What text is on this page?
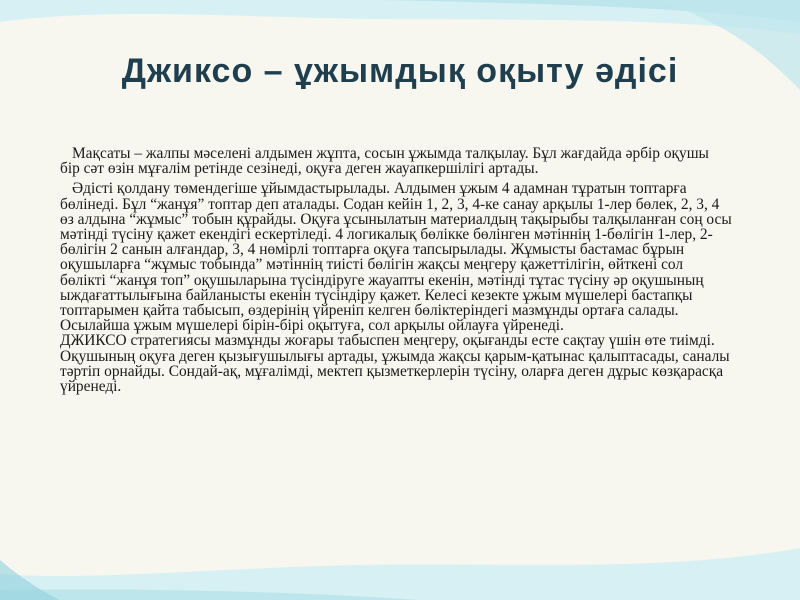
Джиксо – ұжымдық оқыту әдісі

Мақсаты – жалпы мәселені алдымен жұпта, сосын ұжымда талқылау. Бұл жағдайда әрбір оқушы бір сәт өзін мұғалім ретінде сезінеді, оқуға деген жауапкершілігі артады.

Әдісті қолдану төмендегіше ұйымдастырылады. Алдымен ұжым 4 адамнан тұратын топтарға бөлінеді. Бұл “жанұя” топтар деп аталады. Содан кейін 1, 2, 3, 4-ке санау арқылы 1-лер бөлек, 2, 3, 4 өз алдына “жұмыс” тобын құрайды. Оқуға ұсынылатын материалдың тақырыбы талқыланған соң осы мәтінді түсіну қажет екендігі ескертіледі. 4 логикалық бөлікке бөлінген мәтіннің 1-бөлігін 1-лер, 2-бөлігін 2 санын алғандар, 3, 4 нөмірлі топтарға оқуға тапсырылады. Жұмысты бастамас бұрын оқушыларға “жұмыс тобында” мәтіннің тиісті бөлігін жақсы меңгеру қажеттілігін, өйткені сол бөлікті “жанұя топ” оқушыларына түсіндіруге жауапты екенін, мәтінді тұтас түсіну әр оқушының ыждағаттылығына байланысты екенін түсіндіру қажет. Келесі кезекте ұжым мүшелері бастапқы топтарымен қайта табысып, өздерінің үйреніп келген бөліктеріндегі мазмұнды ортаға салады. Осылайша ұжым мүшелері бірін-бірі оқытуға, сол арқылы ойлауға үйренеді.

ДЖИКСО стратегиясы мазмұнды жоғары табыспен меңгеру, оқығанды есте сақтау үшін өте тиімді. Оқушының оқуға деген қызығушылығы артады, ұжымда жақсы қарым-қатынас қалыптасады, саналы тәртіп орнайды. Сондай-ақ, мұғалімді, мектеп қызметкерлерін түсіну, оларға деген дұрыс көзқарасқа үйренеді.
